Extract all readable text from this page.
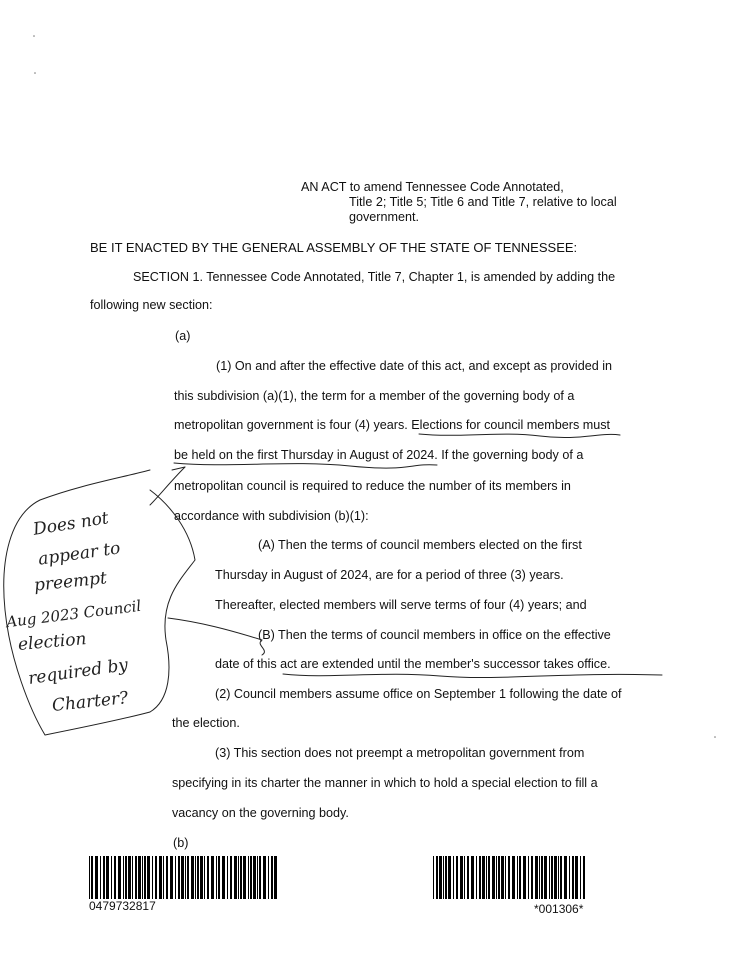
AN ACT to amend Tennessee Code Annotated,
Title 2; Title 5; Title 6 and Title 7, relative to local
government.
BE IT ENACTED BY THE GENERAL ASSEMBLY OF THE STATE OF TENNESSEE:
SECTION 1. Tennessee Code Annotated, Title 7, Chapter 1, is amended by adding the
following new section:
(a)
(1) On and after the effective date of this act, and except as provided in
this subdivision (a)(1), the term for a member of the governing body of a
metropolitan government is four (4) years. Elections for council members must
be held on the first Thursday in August of 2024. If the governing body of a
metropolitan council is required to reduce the number of its members in
accordance with subdivision (b)(1):
(A) Then the terms of council members elected on the first
Thursday in August of 2024, are for a period of three (3) years.
Thereafter, elected members will serve terms of four (4) years; and
(B) Then the terms of council members in office on the effective
date of this act are extended until the member's successor takes office.
(2) Council members assume office on September 1 following the date of
the election.
(3) This section does not preempt a metropolitan government from
specifying in its charter the manner in which to hold a special election to fill a
vacancy on the governing body.
(b)
Does not
appear to
preempt
Aug 2023 Council
election
required by
Charter?
0479732817	*001306*
